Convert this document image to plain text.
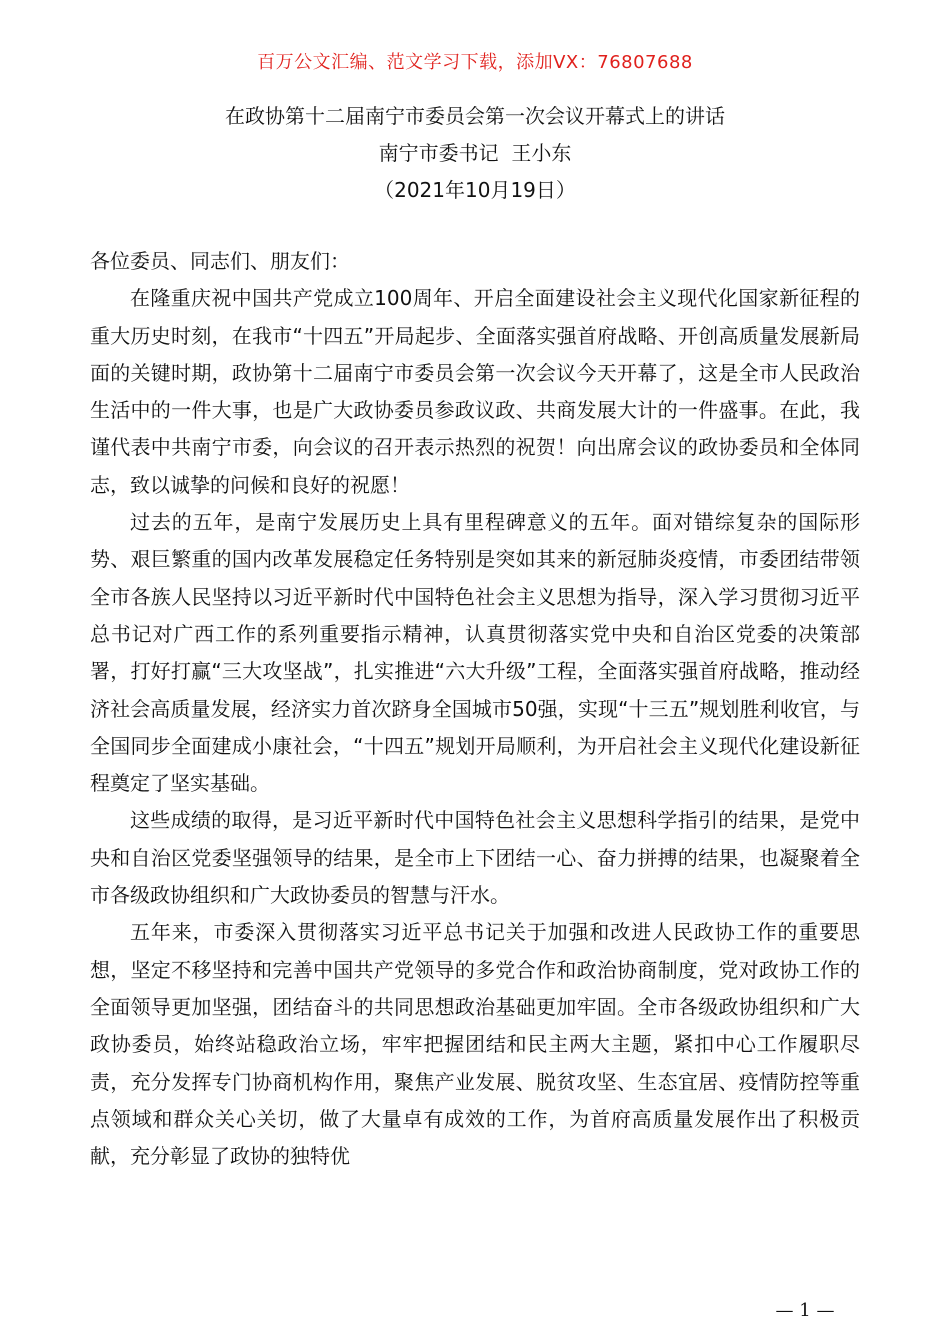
百万公文汇编、范文学习下载，添加VX：76807688
在政协第十二届南宁市委员会第一次会议开幕式上的讲话
南宁市委书记  王小东
（2021年10月19日）

各位委员、同志们、朋友们：

在隆重庆祝中国共产党成立100周年、开启全面建设社会主义现代化国家新征程的重大历史时刻，在我市“十四五”开局起步、全面落实强首府战略、开创高质量发展新局面的关键时期，政协第十二届南宁市委员会第一次会议今天开幕了，这是全市人民政治生活中的一件大事，也是广大政协委员参政议政、共商发展大计的一件盛事。在此，我谨代表中共南宁市委，向会议的召开表示热烈的祝贺！向出席会议的政协委员和全体同志，致以诚挚的问候和良好的祝愿！

过去的五年，是南宁发展历史上具有里程碑意义的五年。面对错综复杂的国际形势、艰巨繁重的国内改革发展稳定任务特别是突如其来的新冠肺炎疫情，市委团结带领全市各族人民坚持以习近平新时代中国特色社会主义思想为指导，深入学习贯彻习近平总书记对广西工作的系列重要指示精神，认真贯彻落实党中央和自治区党委的决策部署，打好打赢“三大攻坚战”，扎实推进“六大升级”工程，全面落实强首府战略，推动经济社会高质量发展，经济实力首次跻身全国城市50强，实现“十三五”规划胜利收官，与全国同步全面建成小康社会，“十四五”规划开局顺利，为开启社会主义现代化建设新征程奠定了坚实基础。

这些成绩的取得，是习近平新时代中国特色社会主义思想科学指引的结果，是党中央和自治区党委坚强领导的结果，是全市上下团结一心、奋力拼搏的结果，也凝聚着全市各级政协组织和广大政协委员的智慧与汗水。

五年来，市委深入贯彻落实习近平总书记关于加强和改进人民政协工作的重要思想，坚定不移坚持和完善中国共产党领导的多党合作和政治协商制度，党对政协工作的全面领导更加坚强，团结奋斗的共同思想政治基础更加牢固。全市各级政协组织和广大政协委员，始终站稳政治立场，牢牢把握团结和民主两大主题，紧扣中心工作履职尽责，充分发挥专门协商机构作用，聚焦产业发展、脱贫攻坚、生态宜居、疫情防控等重点领域和群众关心关切，做了大量卓有成效的工作，为首府高质量发展作出了积极贡献，充分彰显了政协的独特优

— 1 —
